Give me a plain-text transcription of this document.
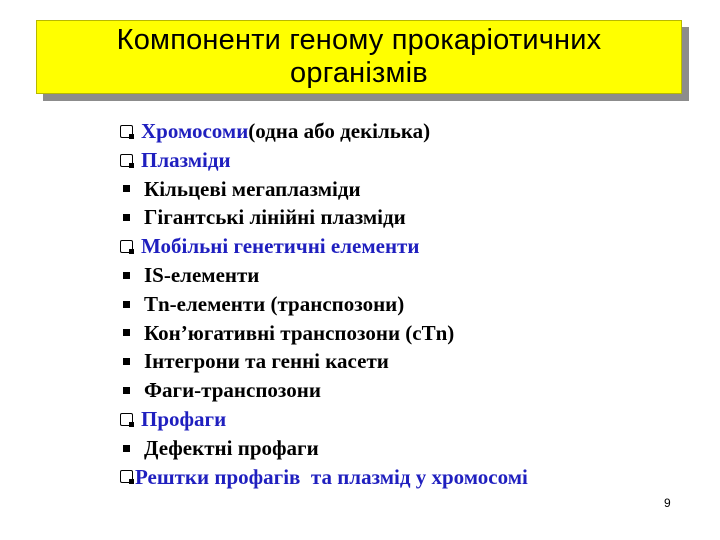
Компоненти геному прокаріотичних
організмів
Хромосоми (одна або декілька)
Плазміди
Кільцеві мегаплазміди
Гігантські лінійні плазміди
Мобільні генетичні елементи
IS-елементи
Tn-елементи (транспозони)
Кон’югативні транспозони (cTn)
Інтегрони та генні касети
Фаги-транспозони
Профаги
Дефектні профаги
Рештки профагів  та плазмід у хромосомі
9
